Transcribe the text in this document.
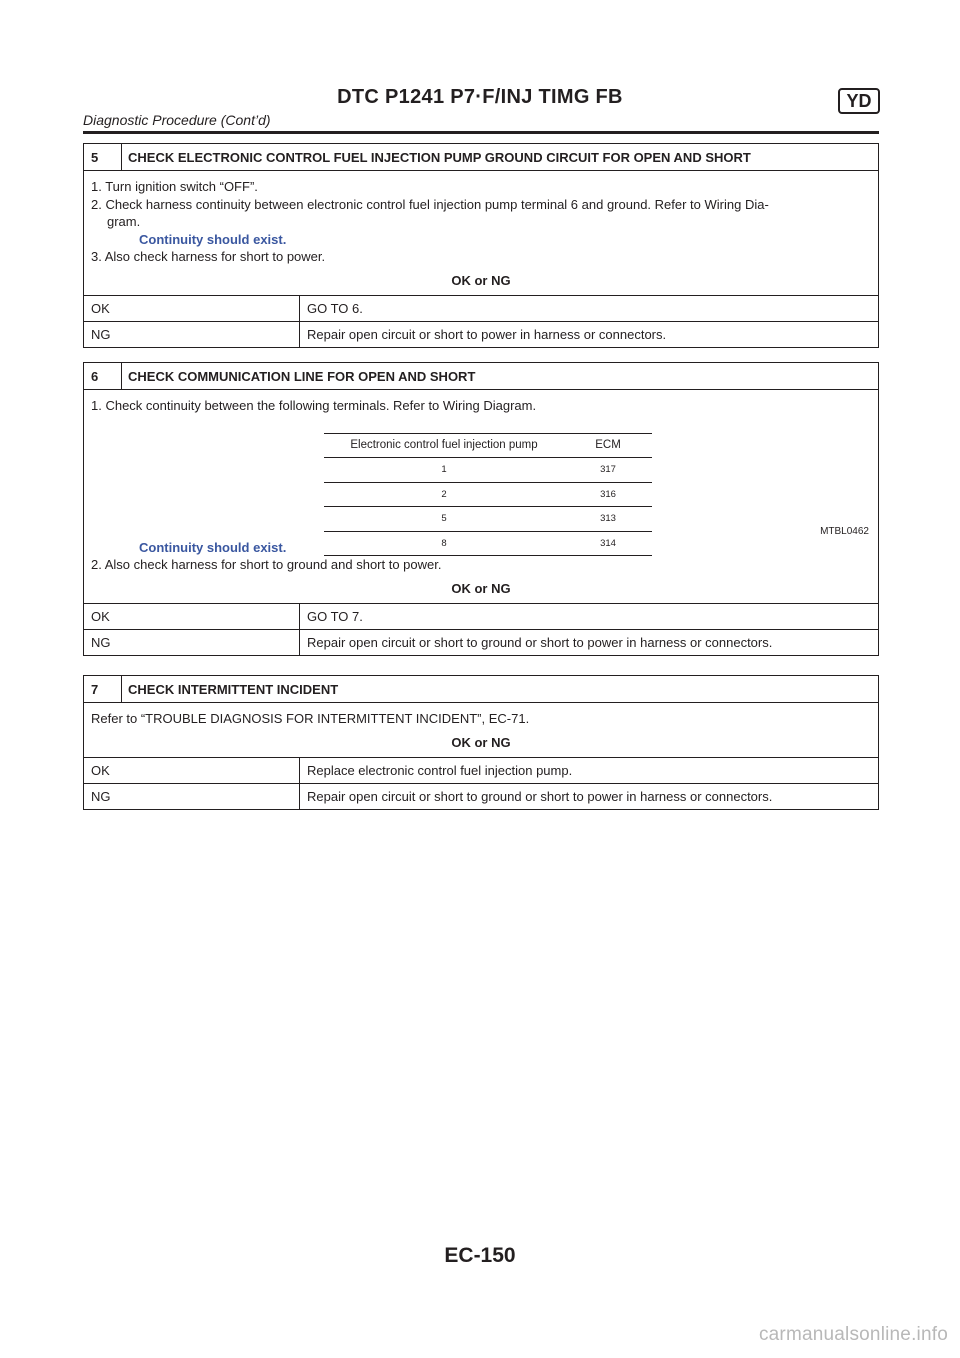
DTC P1241 P7·F/INJ TIMG FB	YD
Diagnostic Procedure (Cont’d)
5	CHECK ELECTRONIC CONTROL FUEL INJECTION PUMP GROUND CIRCUIT FOR OPEN AND SHORT
1. Turn ignition switch “OFF”.
2. Check harness continuity between electronic control fuel injection pump terminal 6 and ground. Refer to Wiring Dia-
gram.
Continuity should exist.
3. Also check harness for short to power.
OK or NG
OK	GO TO 6.
NG	Repair open circuit or short to power in harness or connectors.
6	CHECK COMMUNICATION LINE FOR OPEN AND SHORT
1. Check continuity between the following terminals. Refer to Wiring Diagram.
Electronic control fuel injection pump	ECM
1	317
2	316
5	313
8	314
MTBL0462
Continuity should exist.
2. Also check harness for short to ground and short to power.
OK or NG
OK	GO TO 7.
NG	Repair open circuit or short to ground or short to power in harness or connectors.
7	CHECK INTERMITTENT INCIDENT
Refer to “TROUBLE DIAGNOSIS FOR INTERMITTENT INCIDENT”, EC-71.
OK or NG
OK	Replace electronic control fuel injection pump.
NG	Repair open circuit or short to ground or short to power in harness or connectors.
EC-150
carmanualsonline.info
